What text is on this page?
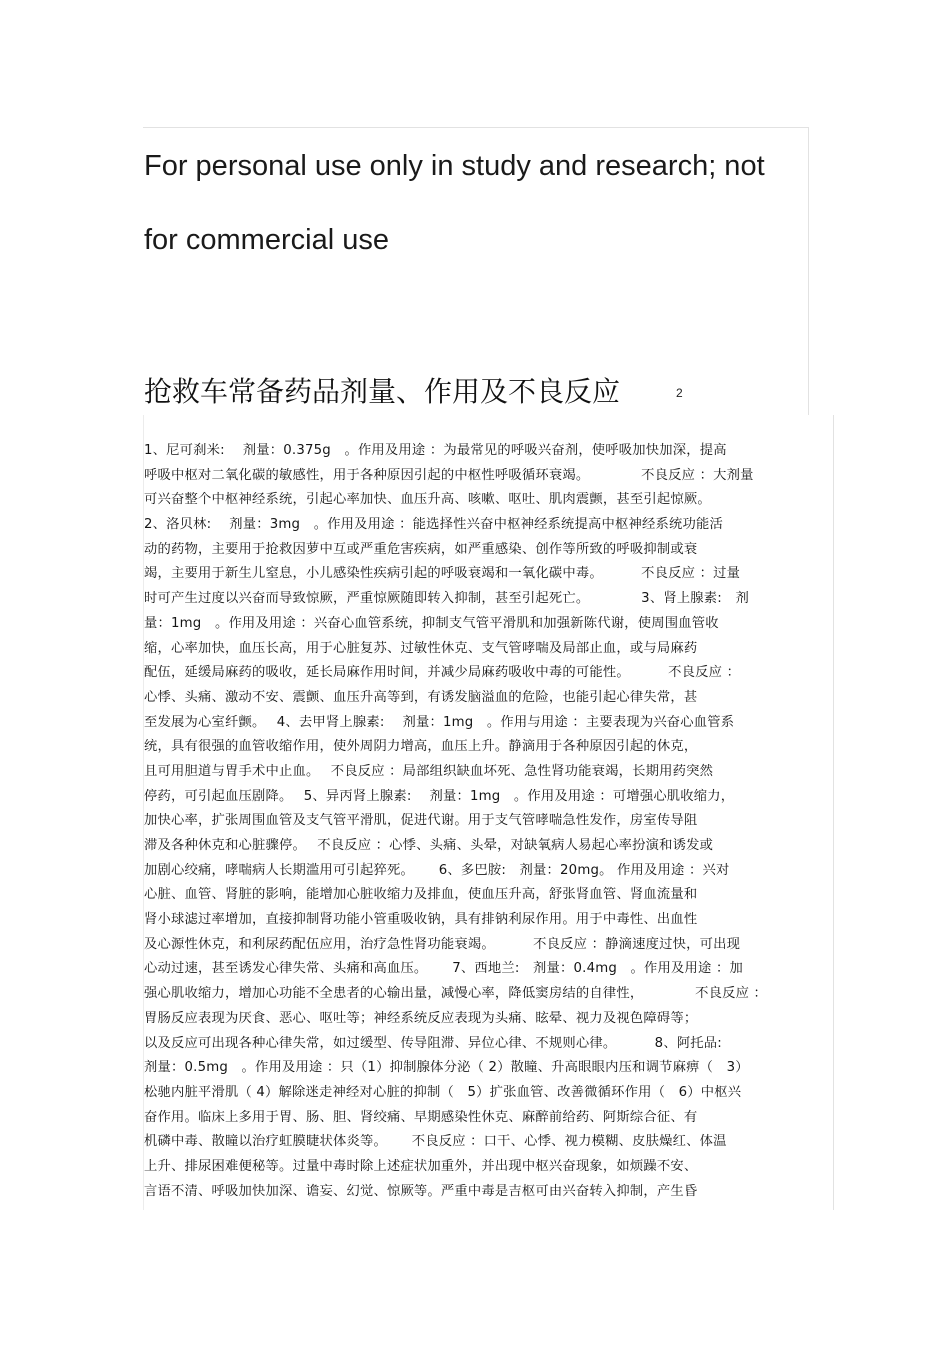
For personal use only in study and research; not
for commercial use
抢救车常备药品剂量、作用及不良反应	2
1、尼可刹米:　 剂量：0.375g　。作用及用途 ：为最常见的呼吸兴奋剂，使呼吸加快加深，提高
呼吸中枢对二氧化碳的敏感性，用于各种原因引起的中枢性呼吸循环衰竭。　　　　 不良反应 ：大剂量
可兴奋整个中枢神经系统，引起心率加快、血压升高、咳嗽、呕吐、肌肉震颤，甚至引起惊厥。
2、洛贝林:　 剂量：3mg　。作用及用途 ：能选择性兴奋中枢神经系统提高中枢神经系统功能活
动的药物，主要用于抢救因萝中互或严重危害疾病，如严重感染、创作等所致的呼吸抑制或衰
竭，主要用于新生儿窒息，小儿感染性疾病引起的呼吸衰竭和一氧化碳中毒。　　　 不良反应 ：过量
时可产生过度以兴奋而导致惊厥，严重惊厥随即转入抑制，甚至引起死亡。　　　　 3、肾上腺素:　剂
量：1mg　。作用及用途 ：兴奋心血管系统，抑制支气管平滑肌和加强新陈代谢，使周围血管收
缩，心率加快，血压长高，用于心脏复苏、过敏性休克、支气管哮喘及局部止血，或与局麻药
配伍，延缓局麻药的吸收，延长局麻作用时间，并减少局麻药吸收中毒的可能性。　　　 不良反应 ：
心悸、头痛、激动不安、震颤、血压升高等到，有诱发脑溢血的危险，也能引起心律失常，甚
至发展为心室纤颤。　 4、去甲肾上腺素:　 剂量：1mg　。作用与用途 ：主要表现为兴奋心血管系
统，具有很强的血管收缩作用，使外周阴力增高，血压上升。静滴用于各种原因引起的休克，
且可用胆道与胃手术中止血。　 不良反应 ：局部组织缺血坏死、急性肾功能衰竭，长期用药突然
停药，可引起血压剧降。　 5、异丙肾上腺素:　 剂量：1mg　。作用及用途 ：可增强心肌收缩力，
加快心率，扩张周围血管及支气管平滑肌，促进代谢。用于支气管哮喘急性发作，房室传导阻
滞及各种休克和心脏骤停。　 不良反应 ：心悸、头痛、头晕，对缺氧病人易起心率扮演和诱发或
加剧心绞痛，哮喘病人长期滥用可引起猝死。　　 6、多巴胺:　剂量：20mg。 作用及用途 ：兴对
心脏、血管、肾脏的影响，能增加心脏收缩力及排血，使血压升高，舒张肾血管、肾血流量和
肾小球滤过率增加，直接抑制肾功能小管重吸收钠，具有排钠利尿作用。用于中毒性、出血性
及心源性休克，和利尿药配伍应用，治疗急性肾功能衰竭。　　　 不良反应 ：静滴速度过快，可出现
心动过速，甚至诱发心律失常、头痛和高血压。　　 7、西地兰:　剂量：0.4mg　。作用及用途 ：加
强心肌收缩力，增加心功能不全患者的心输出量，减慢心率，降低窦房结的自律性，　　　　 不良反应 ：
胃肠反应表现为厌食、恶心、呕吐等；神经系统反应表现为头痛、眩晕、视力及视色障碍等；
以及反应可出现各种心律失常，如过缓型、传导阻滞、异位心律、不规则心律。　　　 8、阿托品:
剂量：0.5mg　。作用及用途 ：只（1）抑制腺体分泌（ 2）散瞳、升高眼眼内压和调节麻痹（　3）
松驰内脏平滑肌（ 4）解除迷走神经对心脏的抑制（　5）扩张血管、改善微循环作用（　6）中枢兴
奋作用。临床上多用于胃、肠、胆、肾绞痛、早期感染性休克、麻醉前给药、阿斯综合征、有
机磷中毒、散瞳以治疗虹膜睫状体炎等。　　 不良反应 ：口干、心悸、视力模糊、皮肤燥红、体温
上升、排尿困难便秘等。过量中毒时除上述症状加重外，并出现中枢兴奋现象，如烦躁不安、
言语不清、呼吸加快加深、谵妄、幻觉、惊厥等。严重中毒是吉枢可由兴奋转入抑制，产生昏
